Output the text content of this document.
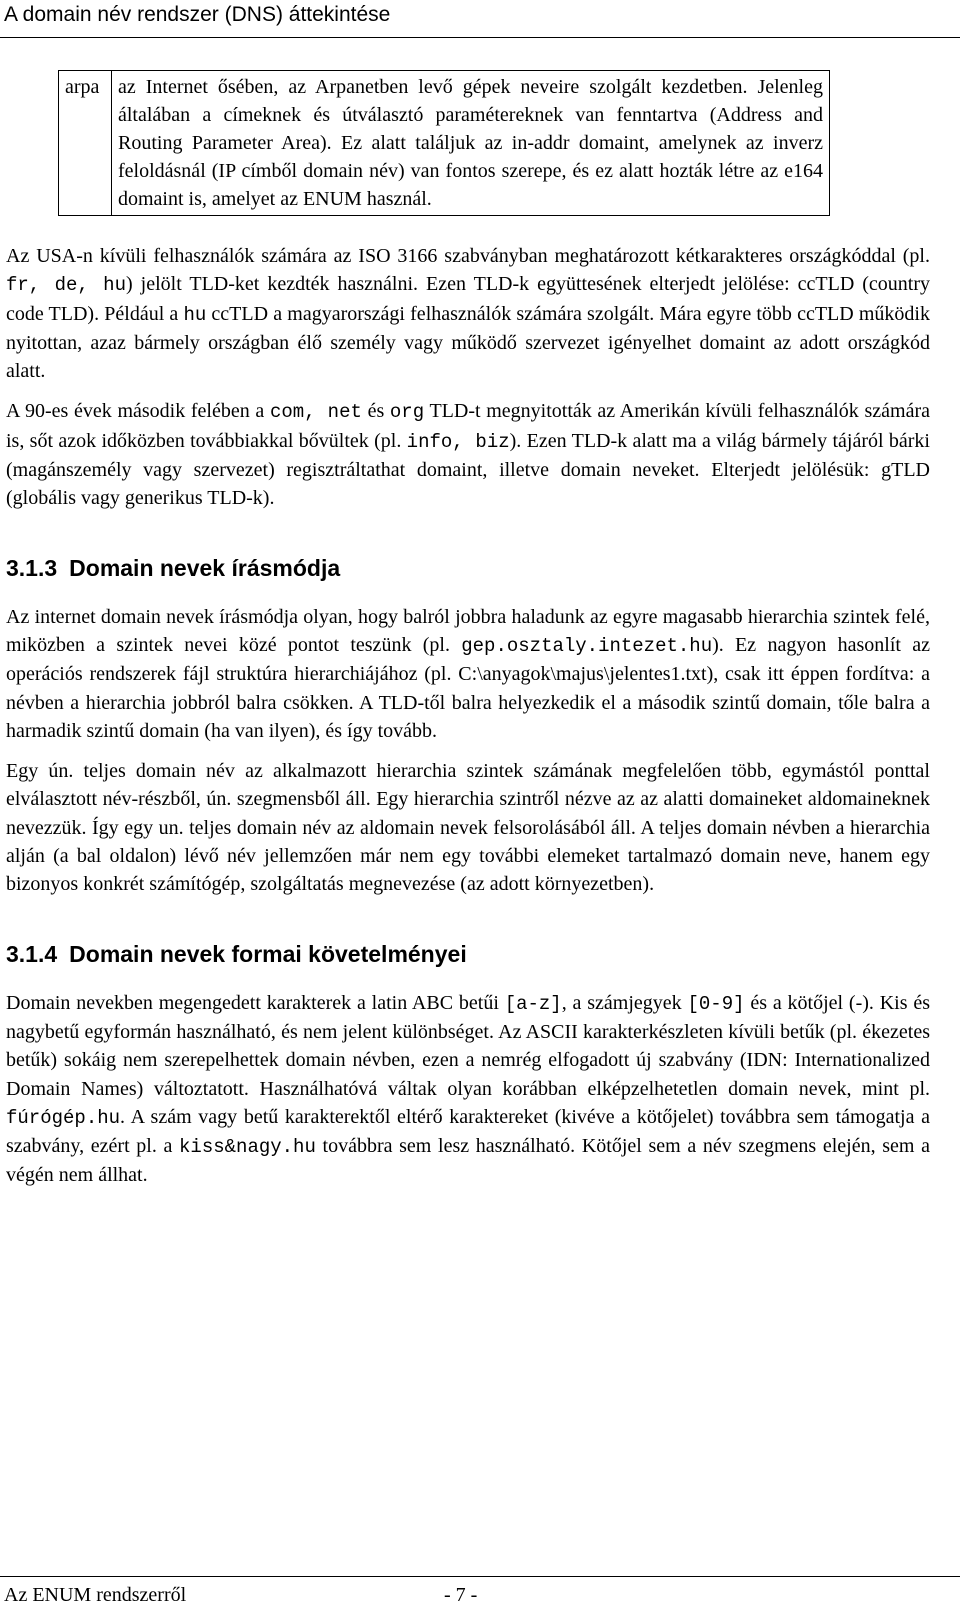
A domain név rendszer (DNS) áttekintése
arpa	az Internet ősében, az Arpanetben levő gépek neveire szolgált kezdetben. Jelenleg általában a címeknek és útválasztó paramétereknek van fenntartva (Address and Routing Parameter Area). Ez alatt találjuk az in-addr domaint, amelynek az inverz feloldásnál (IP címből domain név) van fontos szerepe, és ez alatt hozták létre az e164 domaint is, amelyet az ENUM használ.

Az USA-n kívüli felhasználók számára az ISO 3166 szabványban meghatározott kétkarakteres országkóddal (pl. fr, de, hu) jelölt TLD-ket kezdték használni. Ezen TLD-k együttesének elterjedt jelölése: ccTLD (country code TLD). Például a hu ccTLD a magyarországi felhasználók számára szolgált. Mára egyre több ccTLD működik nyitottan, azaz bármely országban élő személy vagy működő szervezet igényelhet domaint az adott országkód alatt.

A 90-es évek második felében a com, net és org TLD-t megnyitották az Amerikán kívüli felhasználók számára is, sőt azok időközben továbbiakkal bővültek (pl. info, biz). Ezen TLD-k alatt ma a világ bármely tájáról bárki (magánszemély vagy szervezet) regisztráltathat domaint, illetve domain neveket. Elterjedt jelölésük: gTLD (globális vagy generikus TLD-k).

3.1.3 Domain nevek írásmódja

Az internet domain nevek írásmódja olyan, hogy balról jobbra haladunk az egyre magasabb hierarchia szintek felé, miközben a szintek nevei közé pontot teszünk (pl. gep.osztaly.intezet.hu). Ez nagyon hasonlít az operációs rendszerek fájl struktúra hierarchiájához (pl. C:\anyagok\majus\jelentes1.txt), csak itt éppen fordítva: a névben a hierarchia jobbról balra csökken. A TLD-től balra helyezkedik el a második szintű domain, tőle balra a harmadik szintű domain (ha van ilyen), és így tovább.

Egy ún. teljes domain név az alkalmazott hierarchia szintek számának megfelelően több, egymástól ponttal elválasztott név-részből, ún. szegmensből áll. Egy hierarchia szintről nézve az az alatti domaineket aldomaineknek nevezzük. Így egy un. teljes domain név az aldomain nevek felsorolásából áll. A teljes domain névben a hierarchia alján (a bal oldalon) lévő név jellemzően már nem egy további elemeket tartalmazó domain neve, hanem egy bizonyos konkrét számítógép, szolgáltatás megnevezése (az adott környezetben).

3.1.4 Domain nevek formai követelményei

Domain nevekben megengedett karakterek a latin ABC betűi [a-z], a számjegyek [0-9] és a kötőjel (-). Kis és nagybetű egyformán használható, és nem jelent különbséget. Az ASCII karakterkészleten kívüli betűk (pl. ékezetes betűk) sokáig nem szerepelhettek domain névben, ezen a nemrég elfogadott új szabvány (IDN: Internationalized Domain Names) változtatott. Használhatóvá váltak olyan korábban elképzelhetetlen domain nevek, mint pl. fúrógép.hu. A szám vagy betű karakterektől eltérő karaktereket (kivéve a kötőjelet) továbbra sem támogatja a szabvány, ezért pl. a kiss&nagy.hu továbbra sem lesz használható. Kötőjel sem a név szegmens elején, sem a végén nem állhat.

Az ENUM rendszerről	- 7 -
